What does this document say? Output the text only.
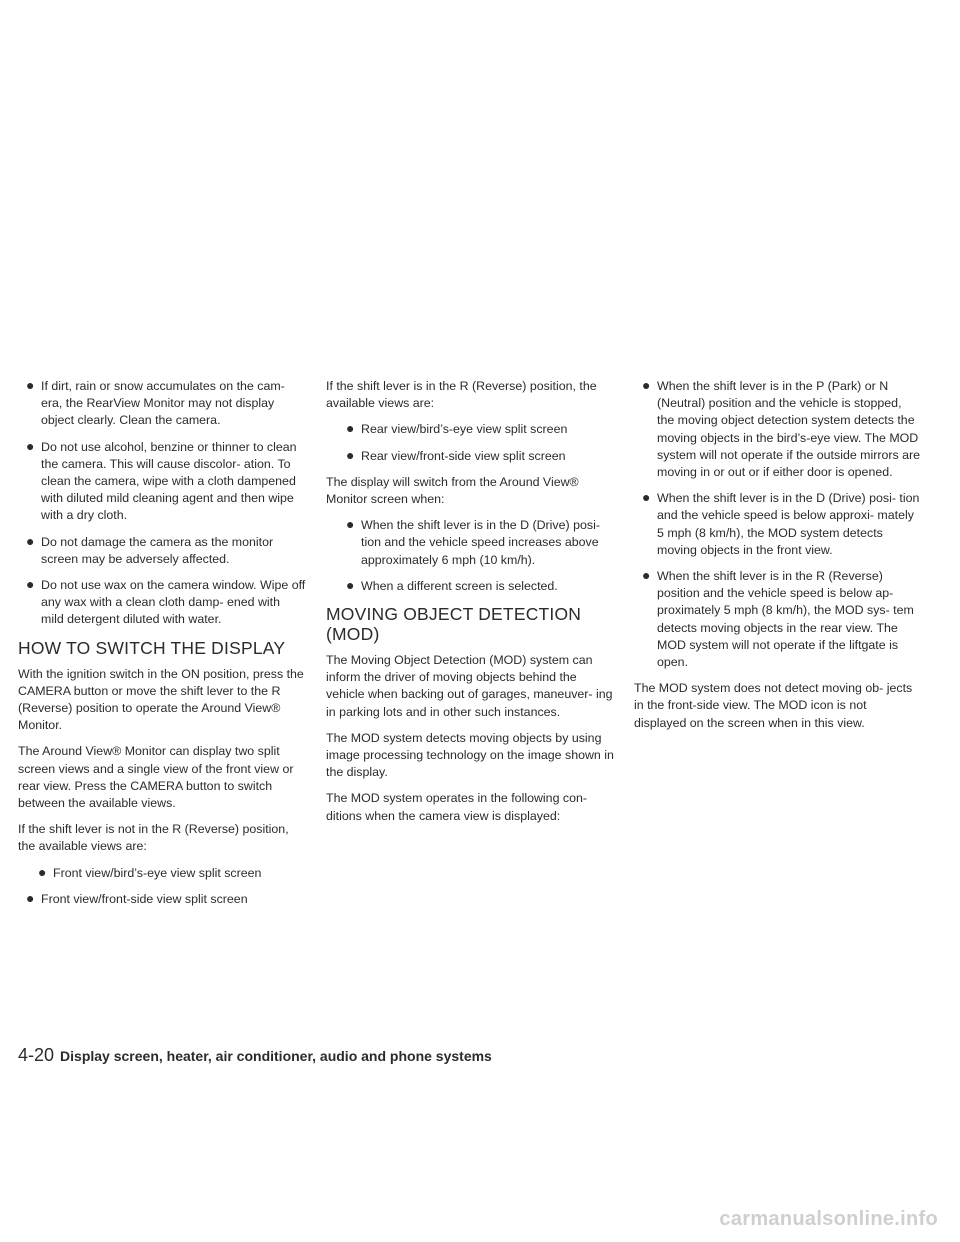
● If dirt, rain or snow accumulates on the cam- era, the RearView Monitor may not display object clearly. Clean the camera.
● Do not use alcohol, benzine or thinner to clean the camera. This will cause discolor- ation. To clean the camera, wipe with a cloth dampened with diluted mild cleaning agent and then wipe with a dry cloth.
● Do not damage the camera as the monitor screen may be adversely affected.
● Do not use wax on the camera window. Wipe off any wax with a clean cloth damp- ened with mild detergent diluted with water.
HOW TO SWITCH THE DISPLAY

With the ignition switch in the ON position, press the CAMERA button or move the shift lever to the R (Reverse) position to operate the Around View® Monitor.

The Around View® Monitor can display two split screen views and a single view of the front view or rear view. Press the CAMERA button to switch between the available views.

If the shift lever is not in the R (Reverse) position, the available views are:

● Front view/bird’s-eye view split screen
● Front view/front-side view split screen

If the shift lever is in the R (Reverse) position, the available views are:

● Rear view/bird’s-eye view split screen
● Rear view/front-side view split screen

The display will switch from the Around View® Monitor screen when:

● When the shift lever is in the D (Drive) posi- tion and the vehicle speed increases above approximately 6 mph (10 km/h).
● When a different screen is selected.
MOVING OBJECT DETECTION
(MOD)

The Moving Object Detection (MOD) system can inform the driver of moving objects behind the vehicle when backing out of garages, maneuver- ing in parking lots and in other such instances.

The MOD system detects moving objects by using image processing technology on the image shown in the display.

The MOD system operates in the following con- ditions when the camera view is displayed:

● When the shift lever is in the P (Park) or N (Neutral) position and the vehicle is stopped, the moving object detection system detects the moving objects in the bird’s-eye view. The MOD system will not operate if the outside mirrors are moving in or out or if either door is opened.
● When the shift lever is in the D (Drive) posi- tion and the vehicle speed is below approxi- mately 5 mph (8 km/h), the MOD system detects moving objects in the front view.
● When the shift lever is in the R (Reverse) position and the vehicle speed is below ap- proximately 5 mph (8 km/h), the MOD sys- tem detects moving objects in the rear view. The MOD system will not operate if the liftgate is open.

The MOD system does not detect moving ob- jects in the front-side view. The MOD icon is not displayed on the screen when in this view.

4-20 Display screen, heater, air conditioner, audio and phone systems
carmanualsonline.info
